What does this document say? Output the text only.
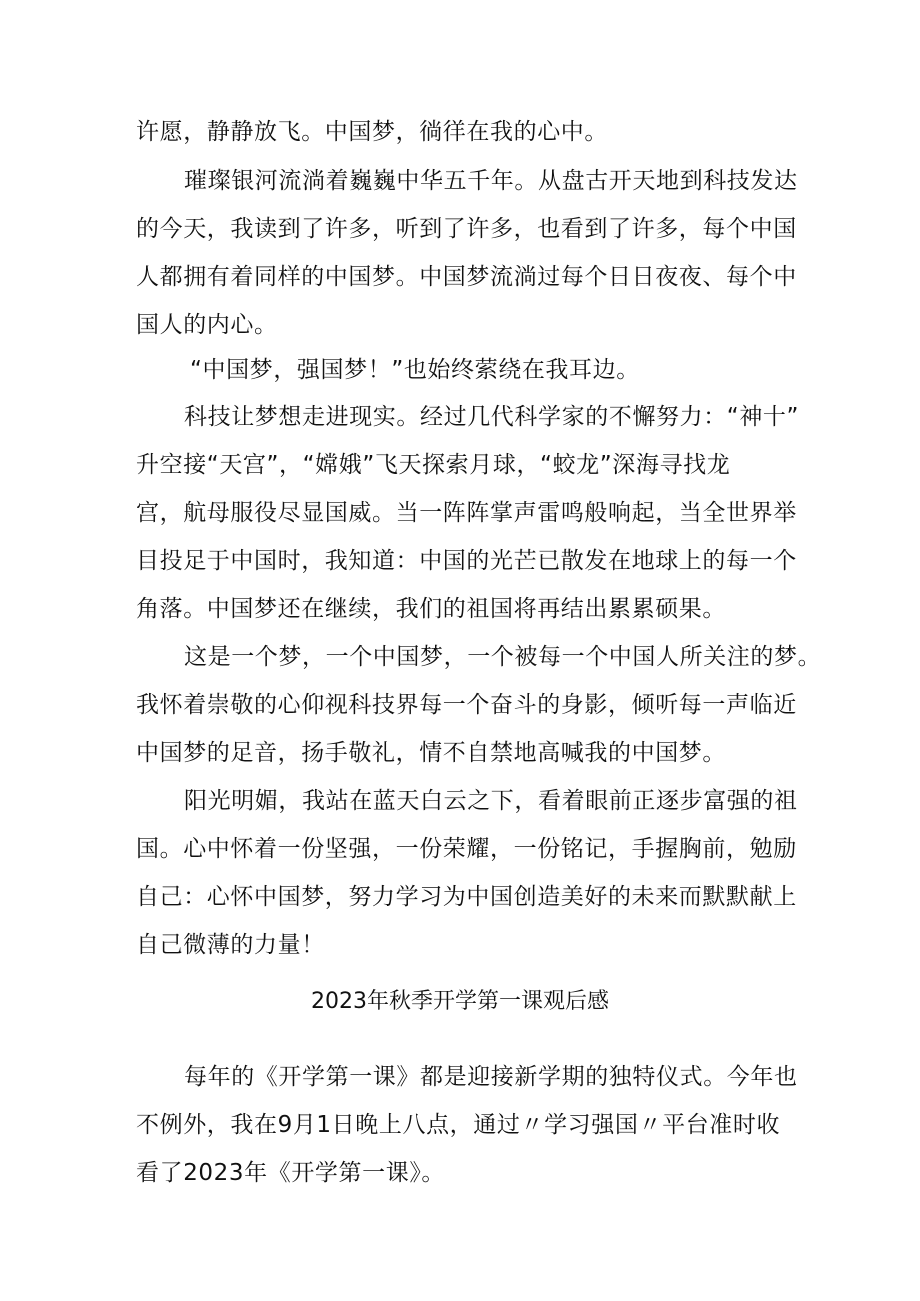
许愿，静静放飞。中国梦，徜徉在我的心中。
璀璨银河流淌着巍巍中华五千年。从盘古开天地到科技发达
的今天，我读到了许多，听到了许多，也看到了许多，每个中国
人都拥有着同样的中国梦。中国梦流淌过每个日日夜夜、每个中
国人的内心。
“中国梦，强国梦！”也始终萦绕在我耳边。
科技让梦想走进现实。经过几代科学家的不懈努力：“神十”
升空接“天宫”，“嫦娥”飞天探索月球，“蛟龙”深海寻找龙
宫，航母服役尽显国威。当一阵阵掌声雷鸣般响起，当全世界举
目投足于中国时，我知道：中国的光芒已散发在地球上的每一个
角落。中国梦还在继续，我们的祖国将再结出累累硕果。
这是一个梦，一个中国梦，一个被每一个中国人所关注的梦。
我怀着崇敬的心仰视科技界每一个奋斗的身影，倾听每一声临近
中国梦的足音，扬手敬礼，情不自禁地高喊我的中国梦。
阳光明媚，我站在蓝天白云之下，看着眼前正逐步富强的祖
国。心中怀着一份坚强，一份荣耀，一份铭记，手握胸前，勉励
自己：心怀中国梦，努力学习为中国创造美好的未来而默默献上
自己微薄的力量！
2023年秋季开学第一课观后感
每年的《开学第一课》都是迎接新学期的独特仪式。今年也
不例外，我在9月1日晚上八点，通过〃学习强国〃平台准时收
看了2023年《开学第一课》。
